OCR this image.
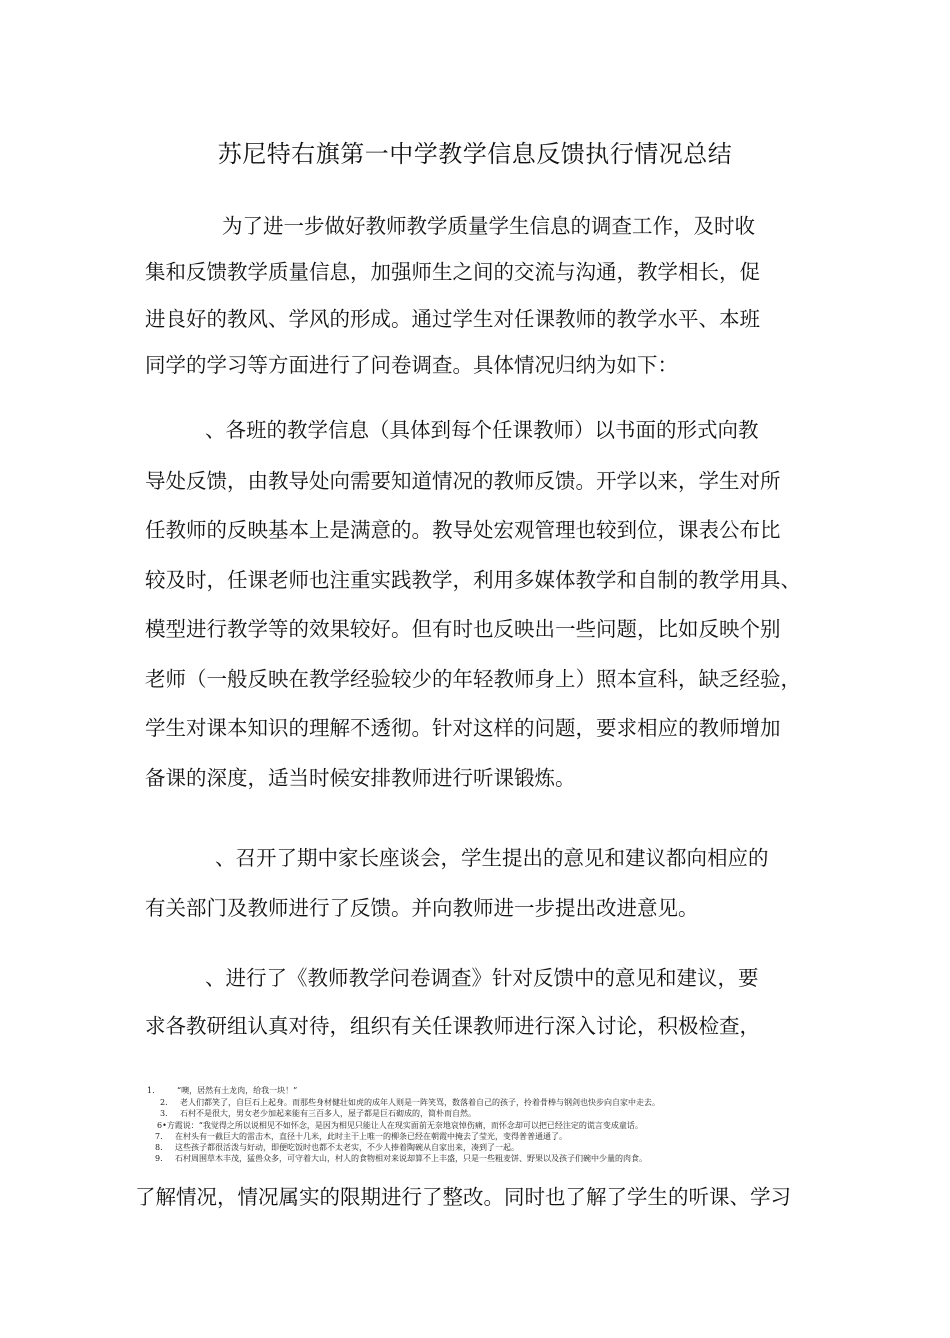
苏尼特右旗第一中学教学信息反馈执行情况总结
为了进一步做好教师教学质量学生信息的调查工作，及时收
集和反馈教学质量信息，加强师生之间的交流与沟通，教学相长，促
进良好的教风、学风的形成。通过学生对任课教师的教学水平、本班
同学的学习等方面进行了问卷调查。具体情况归纳为如下：
、各班的教学信息（具体到每个任课教师）以书面的形式向教
导处反馈，由教导处向需要知道情况的教师反馈。开学以来，学生对所
任教师的反映基本上是满意的。教导处宏观管理也较到位，课表公布比
较及时，任课老师也注重实践教学，利用多媒体教学和自制的教学用具、
模型进行教学等的效果较好。但有时也反映出一些问题，比如反映个别
老师（一般反映在教学经验较少的年轻教师身上）照本宣科，缺乏经验，
学生对课本知识的理解不透彻。针对这样的问题，要求相应的教师增加
备课的深度，适当时候安排教师进行听课锻炼。
、召开了期中家长座谈会，学生提出的意见和建议都向相应的
有关部门及教师进行了反馈。并向教师进一步提出改进意见。
、进行了《教师教学问卷调查》针对反馈中的意见和建议，要
求各教研组认真对待，组织有关任课教师进行深入讨论，积极检查，
1.	“噢，居然有土龙肉，给我一块！”
2. 老人们都笑了，自巨石上起身。而那些身材健壮如虎的成年人则是一阵笑骂，数落着自己的孩子，拎着骨棒与钢剑也快步向自家中走去。
3. 石村不是很大，男女老少加起来能有三百多人，屋子都是巨石砌成的，简朴而自然。
6•方霞说：“我觉得之所以说相见不如怀念，是因为相见只能让人在现实面前无奈地哀悼伤痛，而怀念却可以把已经注定的谎言变成童话。
7. 在村头有一截巨大的雷击木，直径十几米，此时主干上唯一的柳条已经在朝霞中掩去了莹光，变得普普通通了。
8. 这些孩子都很活泼与好动，即便吃饭时也都不太老实，不少人捧着陶碗从自家出来，凑到了一起。
9. 石村周围草木丰茂，猛兽众多，可守着大山，村人的食物相对来说却算不上丰盛，只是一些粗麦饼、野果以及孩子们碗中少量的肉食。
了解情况，情况属实的限期进行了整改。同时也了解了学生的听课、学习
